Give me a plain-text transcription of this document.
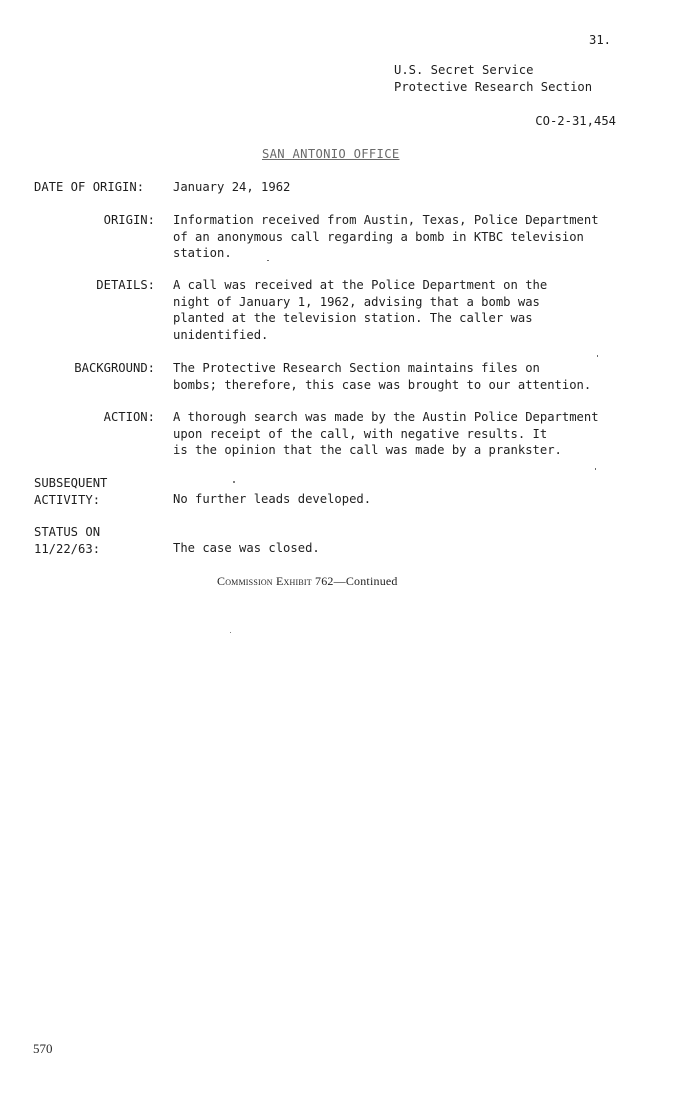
31.
U.S. Secret Service
Protective Research Section
CO-2-31,454
SAN ANTONIO OFFICE
DATE OF ORIGIN: January 24, 1962
ORIGIN: Information received from Austin, Texas, Police Department
of an anonymous call regarding a bomb in KTBC television
station.
DETAILS: A call was received at the Police Department on the
night of January 1, 1962, advising that a bomb was
planted at the television station. The caller was
unidentified.
BACKGROUND: The Protective Research Section maintains files on
bombs; therefore, this case was brought to our attention.
ACTION: A thorough search was made by the Austin Police Department
upon receipt of the call, with negative results. It
is the opinion that the call was made by a prankster.
SUBSEQUENT
ACTIVITY:	No further leads developed.
STATUS ON
11/22/63:	The case was closed.
Commission Exhibit 762—Continued
570
